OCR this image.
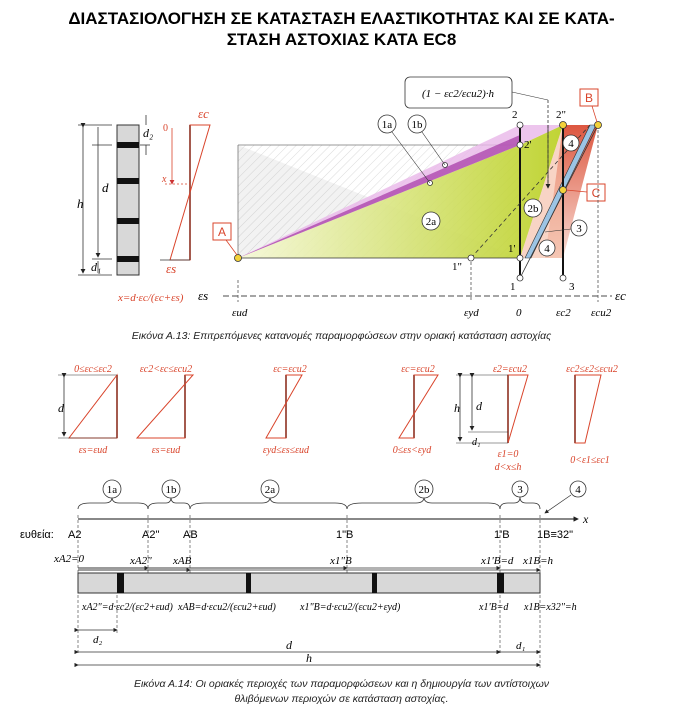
ΔΙΑΣΤΑΣΙΟΛΟΓΗΣΗ ΣΕ ΚΑΤΑΣΤΑΣΗ ΕΛΑΣΤΙΚΟΤΗΤΑΣ ΚΑΙ ΣΕ ΚΑΤΑ-
ΣΤΑΣΗ ΑΣΤΟΧΙΑΣ ΚΑΤΑ EC8
h
d
d₂
d₁
0
x
εc
εs
x=d·εc/(εc+εs)
1a 1b
2a
2b
3
4
4
A
B
C
(1 − εc2/εcu2)·h
2	2"
2'
1'
1"
1	3
εs	εc
εud	εyd	0	εc2 εcu2
d
0≤εc≤εc2
εs=εud
εc2<εc≤εcu2
εs=εud
εc=εcu2
εyd≤εs≤εud
εc=εcu2
0≤εs<εyd
h d
d₁
ε2=εcu2
ε1=0
d<x≤h
εc2≤ε2≤εcu2
0<ε1≤εc1
1a	1b	2a	2b	3	4
x
ευθεία: A2	A2" AB	1"B	1'B 1B≡32"
xA2=0	xA2" xAB	x1"B	x1'B=d x1B=h
xA2"=d·εc2/(εc2+εud) xAB=d·εcu2/(εcu2+εud) x1"B=d·εcu2/(εcu2+εyd)	x1'B=d x1B=x32"=h
d₂	d	d₁
h
Εικόνα Α.13: Επιτρεπόμενες κατανομές παραμορφώσεων στην οριακή κατάσταση αστοχίας
Εικόνα Α.14: Οι οριακές περιοχές των παραμορφώσεων και η δημιουργία των αντίστοιχων
θλιβόμενων περιοχών σε κατάσταση αστοχίας.
